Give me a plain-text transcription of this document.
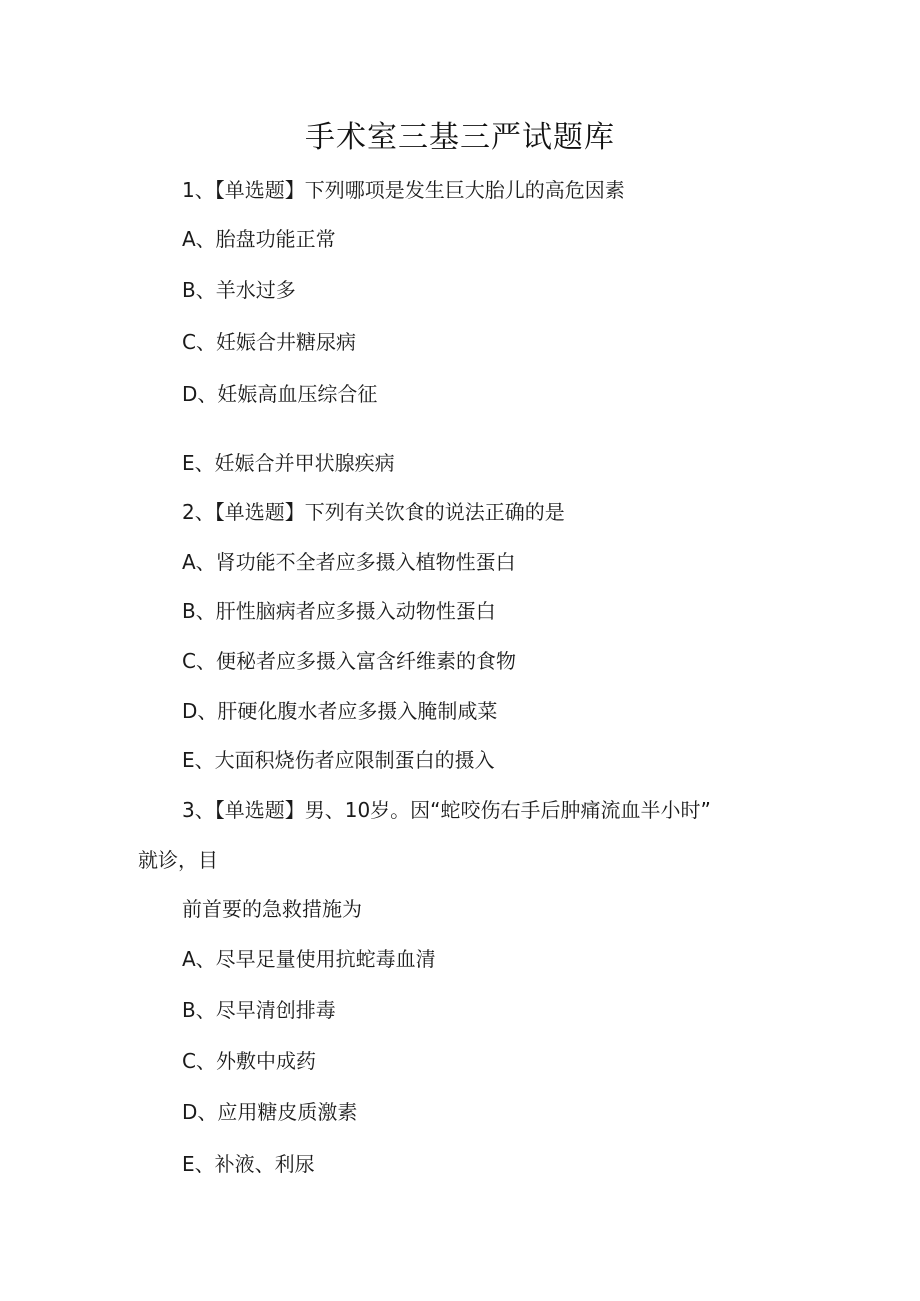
手术室三基三严试题库
1、【单选题】下列哪项是发生巨大胎儿的高危因素
A、胎盘功能正常
B、羊水过多
C、妊娠合井糖尿病
D、妊娠高血压综合征
E、妊娠合并甲状腺疾病
2、【单选题】下列有关饮食的说法正确的是
A、肾功能不全者应多摄入植物性蛋白
B、肝性脑病者应多摄入动物性蛋白
C、便秘者应多摄入富含纤维素的食物
D、肝硬化腹水者应多摄入腌制咸菜
E、大面积烧伤者应限制蛋白的摄入
3、【单选题】男、10岁。因“蛇咬伤右手后肿痛流血半小时”
就诊，目
前首要的急救措施为
A、尽早足量使用抗蛇毒血清
B、尽早清创排毒
C、外敷中成药
D、应用糖皮质激素
E、补液、利尿
